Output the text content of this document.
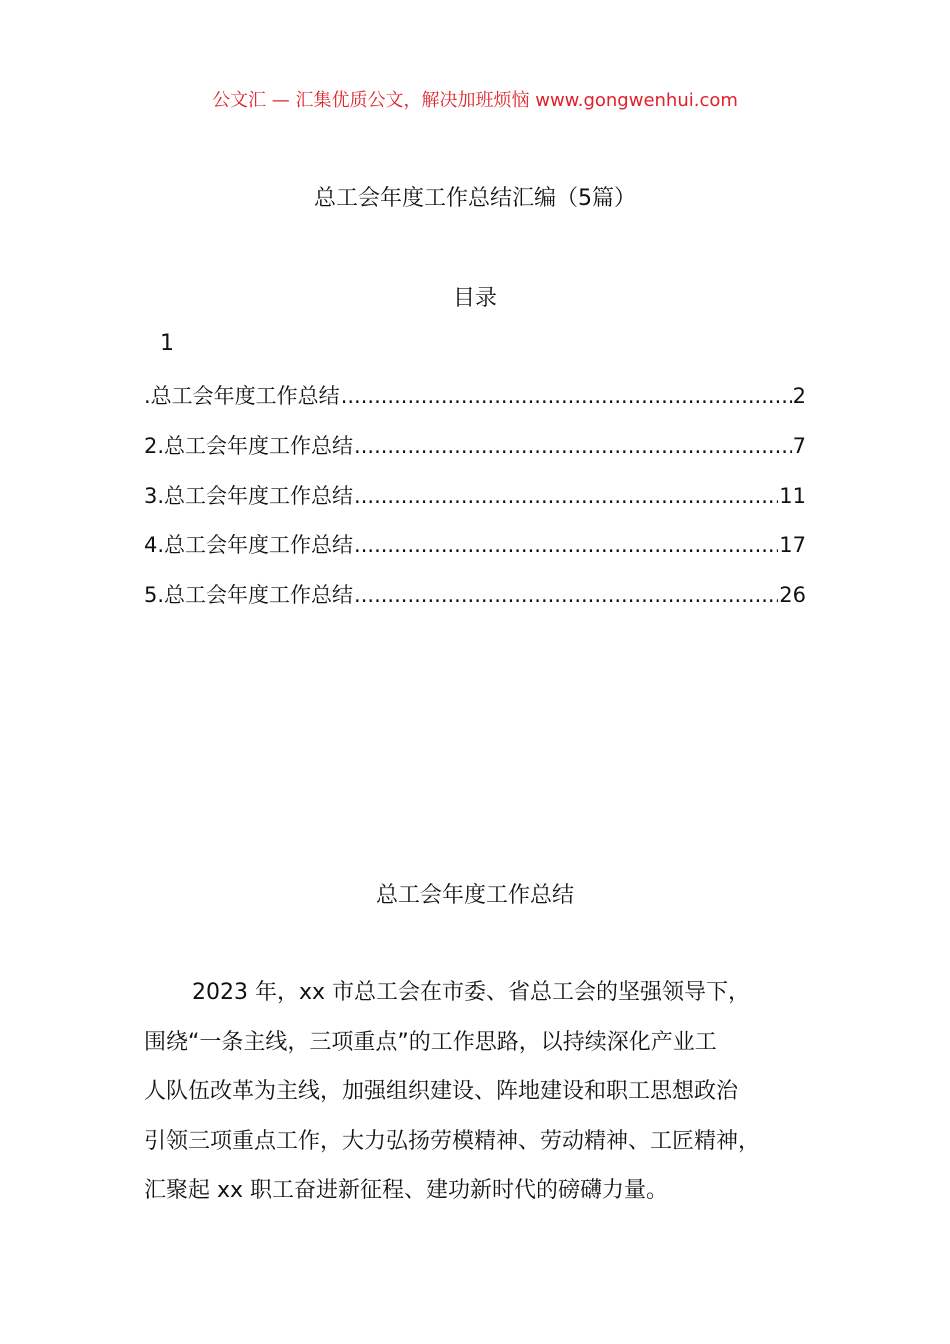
公文汇 — 汇集优质公文，解决加班烦恼 www.gongwenhui.com
总工会年度工作总结汇编（5篇）
目录
1
.总工会年度工作总结 .....	2
2.总工会年度工作总结 .....	7
3.总工会年度工作总结 .....	11
4.总工会年度工作总结 .....	17
5.总工会年度工作总结 .....	26
总工会年度工作总结
2023 年，xx 市总工会在市委、省总工会的坚强领导下，
围绕“一条主线，三项重点”的工作思路，以持续深化产业工
人队伍改革为主线，加强组织建设、阵地建设和职工思想政治
引领三项重点工作，大力弘扬劳模精神、劳动精神、工匠精神，
汇聚起 xx 职工奋进新征程、建功新时代的磅礴力量。
